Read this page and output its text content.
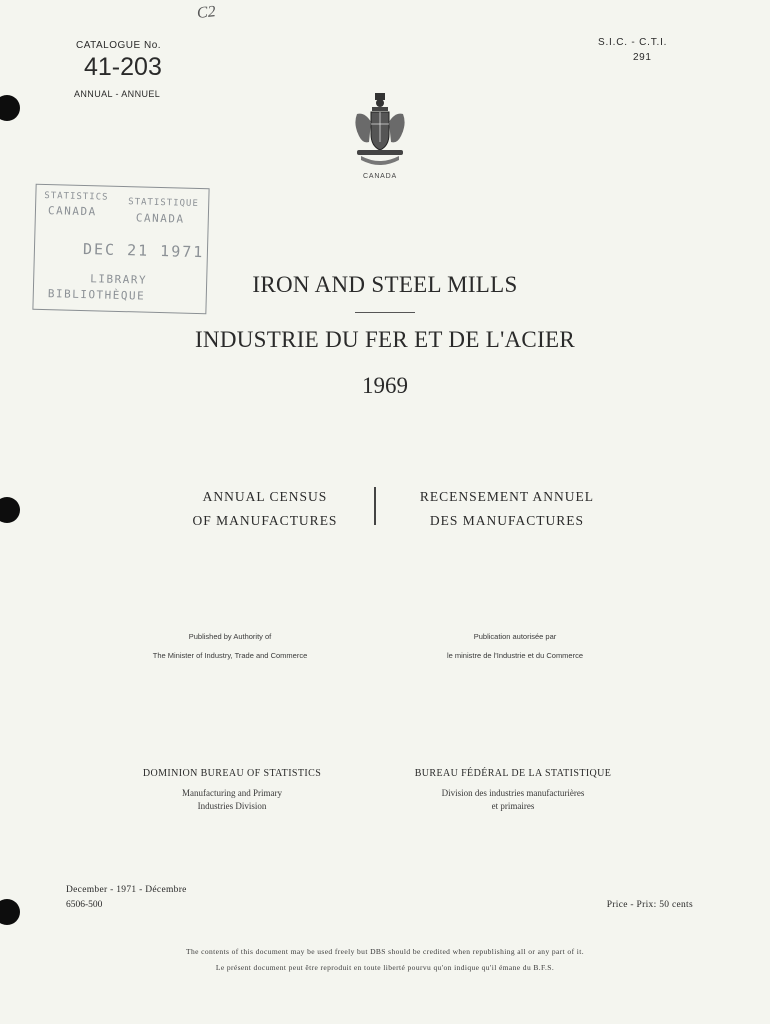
C2
CATALOGUE No.
41-203
ANNUAL - ANNUEL
S.I.C. - C.T.I.
291
CANADA
STATISTICS
STATISTIQUE
CANADA
CANADA
DEC 21 1971
LIBRARY
BIBLIOTHÈQUE	IRON AND STEEL MILLS
INDUSTRIE DU FER ET DE L'ACIER
1969
ANNUAL CENSUS
OF MANUFACTURES
RECENSEMENT ANNUEL
DES MANUFACTURES
Published by Authority of
The Minister of Industry, Trade and Commerce
Publication autorisée par
le ministre de l'Industrie et du Commerce
DOMINION BUREAU OF STATISTICS	BUREAU FÉDÉRAL DE LA STATISTIQUE
Manufacturing and Primary
Industries Division
Division des industries manufacturières
et primaires
December - 1971 - Décembre
6506-500	Price - Prix: 50 cents
The contents of this document may be used freely but DBS should be credited when republishing all or any part of it.
Le présent document peut être reproduit en toute liberté pourvu qu'on indique qu'il émane du B.F.S.
